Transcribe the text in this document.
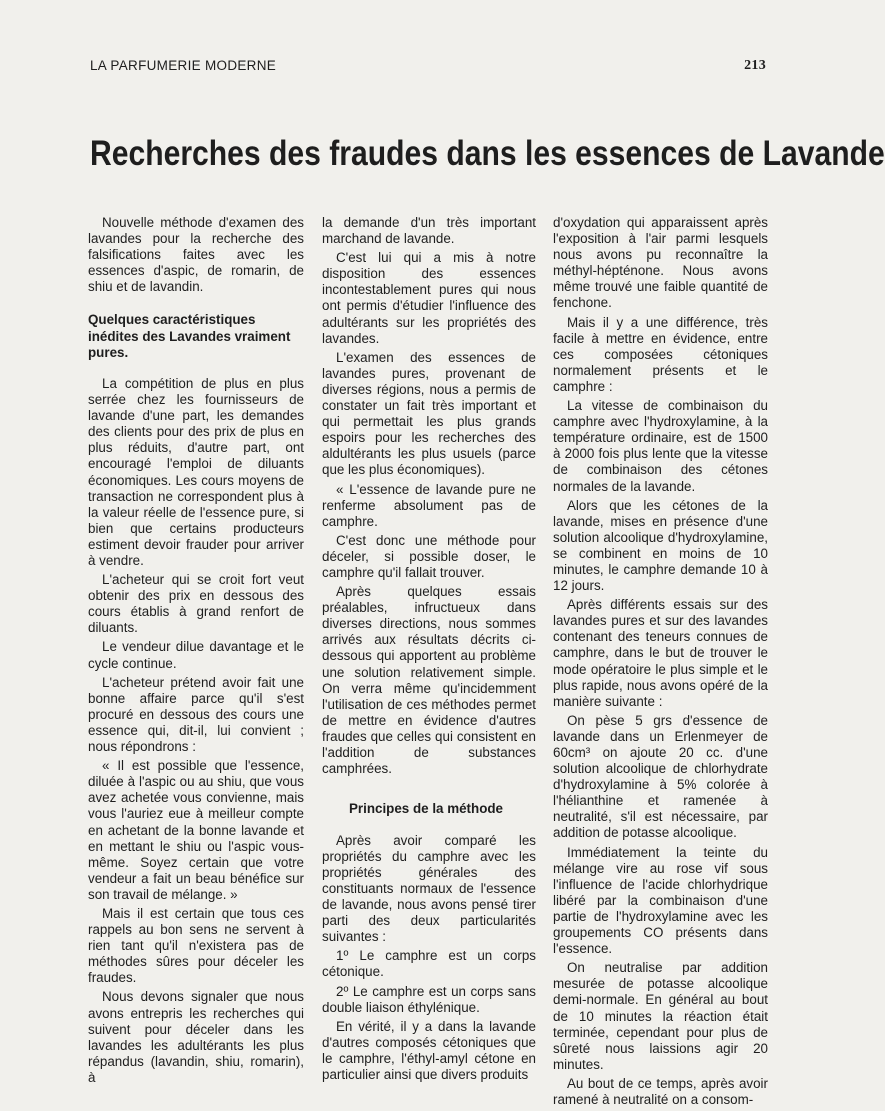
LA PARFUMERIE MODERNE	213
Recherches des fraudes dans les essences de Lavande

Nouvelle méthode d'examen des lavandes pour la recherche des falsifications faites avec les essences d'aspic, de romarin, de shiu et de lavandin.

Quelques caractéristiques inédites des Lavandes vraiment pures.

La compétition de plus en plus serrée chez les fournisseurs de lavande d'une part, les demandes des clients pour des prix de plus en plus réduits, d'autre part, ont encouragé l'emploi de diluants économiques. Les cours moyens de transaction ne correspondent plus à la valeur réelle de l'essence pure, si bien que certains producteurs estiment devoir frauder pour arriver à vendre.

L'acheteur qui se croit fort veut obtenir des prix en dessous des cours établis à grand renfort de diluants.

Le vendeur dilue davantage et le cycle continue.

L'acheteur prétend avoir fait une bonne affaire parce qu'il s'est procuré en dessous des cours une essence qui, dit-il, lui convient ; nous répondrons :

« Il est possible que l'essence, diluée à l'aspic ou au shiu, que vous avez achetée vous convienne, mais vous l'auriez eue à meilleur compte en achetant de la bonne lavande et en mettant le shiu ou l'aspic vous-même. Soyez certain que votre vendeur a fait un beau bénéfice sur son travail de mélange. »

Mais il est certain que tous ces rappels au bon sens ne servent à rien tant qu'il n'existera pas de méthodes sûres pour déceler les fraudes.

Nous devons signaler que nous avons entrepris les recherches qui suivent pour déceler dans les lavandes les adultérants les plus répandus (lavandin, shiu, romarin), à

la demande d'un très important marchand de lavande.

C'est lui qui a mis à notre disposition des essences incontestablement pures qui nous ont permis d'étudier l'influence des adultérants sur les propriétés des lavandes.

L'examen des essences de lavandes pures, provenant de diverses régions, nous a permis de constater un fait très important et qui permettait les plus grands espoirs pour les recherches des aldultérants les plus usuels (parce que les plus économiques).

« L'essence de lavande pure ne renferme absolument pas de camphre.

C'est donc une méthode pour déceler, si possible doser, le camphre qu'il fallait trouver.

Après quelques essais préalables, infructueux dans diverses directions, nous sommes arrivés aux résultats décrits ci-dessous qui apportent au problème une solution relativement simple. On verra même qu'incidemment l'utilisation de ces méthodes permet de mettre en évidence d'autres fraudes que celles qui consistent en l'addition de substances camphrées.

Principes de la méthode

Après avoir comparé les propriétés du camphre avec les propriétés générales des constituants normaux de l'essence de lavande, nous avons pensé tirer parti des deux particularités suivantes :

1º Le camphre est un corps cétonique.

2º Le camphre est un corps sans double liaison éthylénique.

En vérité, il y a dans la lavande d'autres composés cétoniques que le camphre, l'éthyl-amyl cétone en particulier ainsi que divers produits

d'oxydation qui apparaissent après l'exposition à l'air parmi lesquels nous avons pu reconnaître la méthyl-hépténone. Nous avons même trouvé une faible quantité de fenchone.

Mais il y a une différence, très facile à mettre en évidence, entre ces composées cétoniques normalement présents et le camphre :

La vitesse de combinaison du camphre avec l'hydroxylamine, à la température ordinaire, est de 1500 à 2000 fois plus lente que la vitesse de combinaison des cétones normales de la lavande.

Alors que les cétones de la lavande, mises en présence d'une solution alcoolique d'hydroxylamine, se combinent en moins de 10 minutes, le camphre demande 10 à 12 jours.

Après différents essais sur des lavandes pures et sur des lavandes contenant des teneurs connues de camphre, dans le but de trouver le mode opératoire le plus simple et le plus rapide, nous avons opéré de la manière suivante :

On pèse 5 grs d'essence de lavande dans un Erlenmeyer de 60cm³ on ajoute 20 cc. d'une solution alcoolique de chlorhydrate d'hydroxylamine à 5% colorée à l'hélianthine et ramenée à neutralité, s'il est nécessaire, par addition de potasse alcoolique.

Immédiatement la teinte du mélange vire au rose vif sous l'influence de l'acide chlorhydrique libéré par la combinaison d'une partie de l'hydroxylamine avec les groupements CO présents dans l'essence.

On neutralise par addition mesurée de potasse alcoolique demi-normale. En général au bout de 10 minutes la réaction était terminée, cependant pour plus de sûreté nous laissions agir 20 minutes.

Au bout de ce temps, après avoir ramené à neutralité on a consom-
